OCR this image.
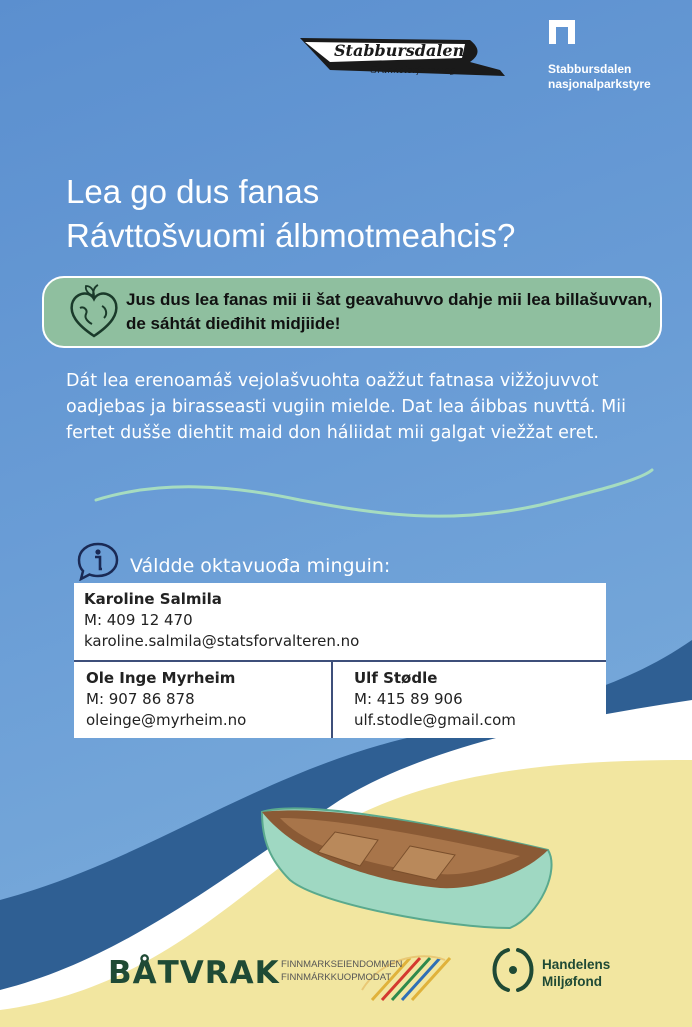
Stabbursdalen
Grunneierforening	Stabbursdalen
nasjonalparkstyre
Lea go dus fanas
Rávttošvuomi álbmotmeahcis?
Jus dus lea fanas mii ii šat geavahuvvo dahje mii lea billašuvvan, de sáhtát dieđihit midjiide!
Dát lea erenoamáš vejolašvuohta oažžut fatnasa vižžojuvvot oadjebas ja birasseasti vugiin mielde. Dat lea áibbas nuvttá. Mii fertet dušše diehtit maid don háliidat mii galgat viežžat eret.
Váldde oktavuođa minguin:
Karoline Salmila
M: 409 12 470
karoline.salmila@statsforvalteren.no
Ole Inge Myrheim
M: 907 86 878
oleinge@myrheim.no
Ulf Stødle
M: 415 89 906
ulf.stodle@gmail.com
BÅTVRAK FINNMARKSEIENDOMMEN
FINNMÁRKKUOPMODAT
Handelens
Miljøfond
